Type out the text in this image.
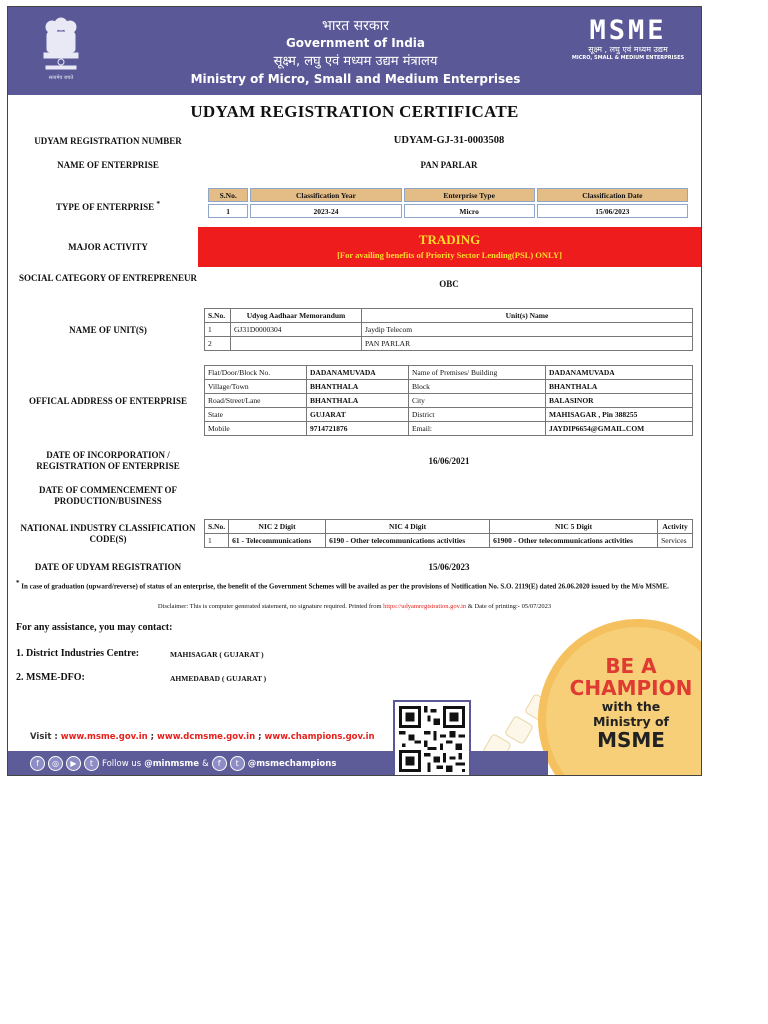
सत्यमेव जयते
भारत सरकार
Government of India
सूक्ष्म, लघु एवं मध्यम उद्यम मंत्रालय
Ministry of Micro, Small and Medium Enterprises
MSME
सूक्ष्म , लघु एवं मध्यम उद्यम
MICRO, SMALL & MEDIUM ENTERPRISES
UDYAM REGISTRATION CERTIFICATE
UDYAM REGISTRATION NUMBER	UDYAM-GJ-31-0003508
NAME OF ENTERPRISE	PAN PARLAR
TYPE OF ENTERPRISE *
S.No.	Classification Year	Enterprise Type	Classification Date
1	2023-24	Micro	15/06/2023
MAJOR ACTIVITY	TRADING
[For availing benefits of Priority Sector Lending(PSL) ONLY]
SOCIAL CATEGORY OF ENTREPRENEUR
OBC
NAME OF UNIT(S)
S.No.	Udyog Aadhaar Memorandum	Unit(s) Name
1	GJ31D0000304	Jaydip Telecom
2		PAN PARLAR
OFFICAL ADDRESS OF ENTERPRISE
Flat/Door/Block No.	DADANAMUVADA	Name of Premises/ Building	DADANAMUVADA
Village/Town	BHANTHALA	Block	BHANTHALA
Road/Street/Lane	BHANTHALA	City	BALASINOR
State	GUJARAT	District	MAHISAGAR , Pin 388255
Mobile	9714721876	Email:	JAYDIP6654@GMAIL.COM
DATE OF INCORPORATION / REGISTRATION OF ENTERPRISE	16/06/2021
DATE OF COMMENCEMENT OF PRODUCTION/BUSINESS
NATIONAL INDUSTRY CLASSIFICATION CODE(S)
S.No.	NIC 2 Digit	NIC 4 Digit	NIC 5 Digit	Activity
1	61 - Telecommunications	6190 - Other telecommunications activities	61900 - Other telecommunications activities	Services
DATE OF UDYAM REGISTRATION	15/06/2023
* In case of graduation (upward/reverse) of status of an enterprise, the benefit of the Government Schemes will be availed as per the provisions of Notification No. S.O. 2119(E) dated 26.06.2020 issued by the M/o MSME.
Disclaimer: This is computer generated statement, no signature required. Printed from https://udyamregistration.gov.in & Date of printing:- 05/07/2023
For any assistance, you may contact:
1. District Industries Centre:	MAHISAGAR ( GUJARAT )
2. MSME-DFO:	AHMEDABAD ( GUJARAT )
BE A
CHAMPION
with the
Ministry of
MSME
Visit : www.msme.gov.in ; www.dcmsme.gov.in ; www.champions.gov.in
f	◎	▶	t	Follow us @minmsme &	f	t	@msmechampions
